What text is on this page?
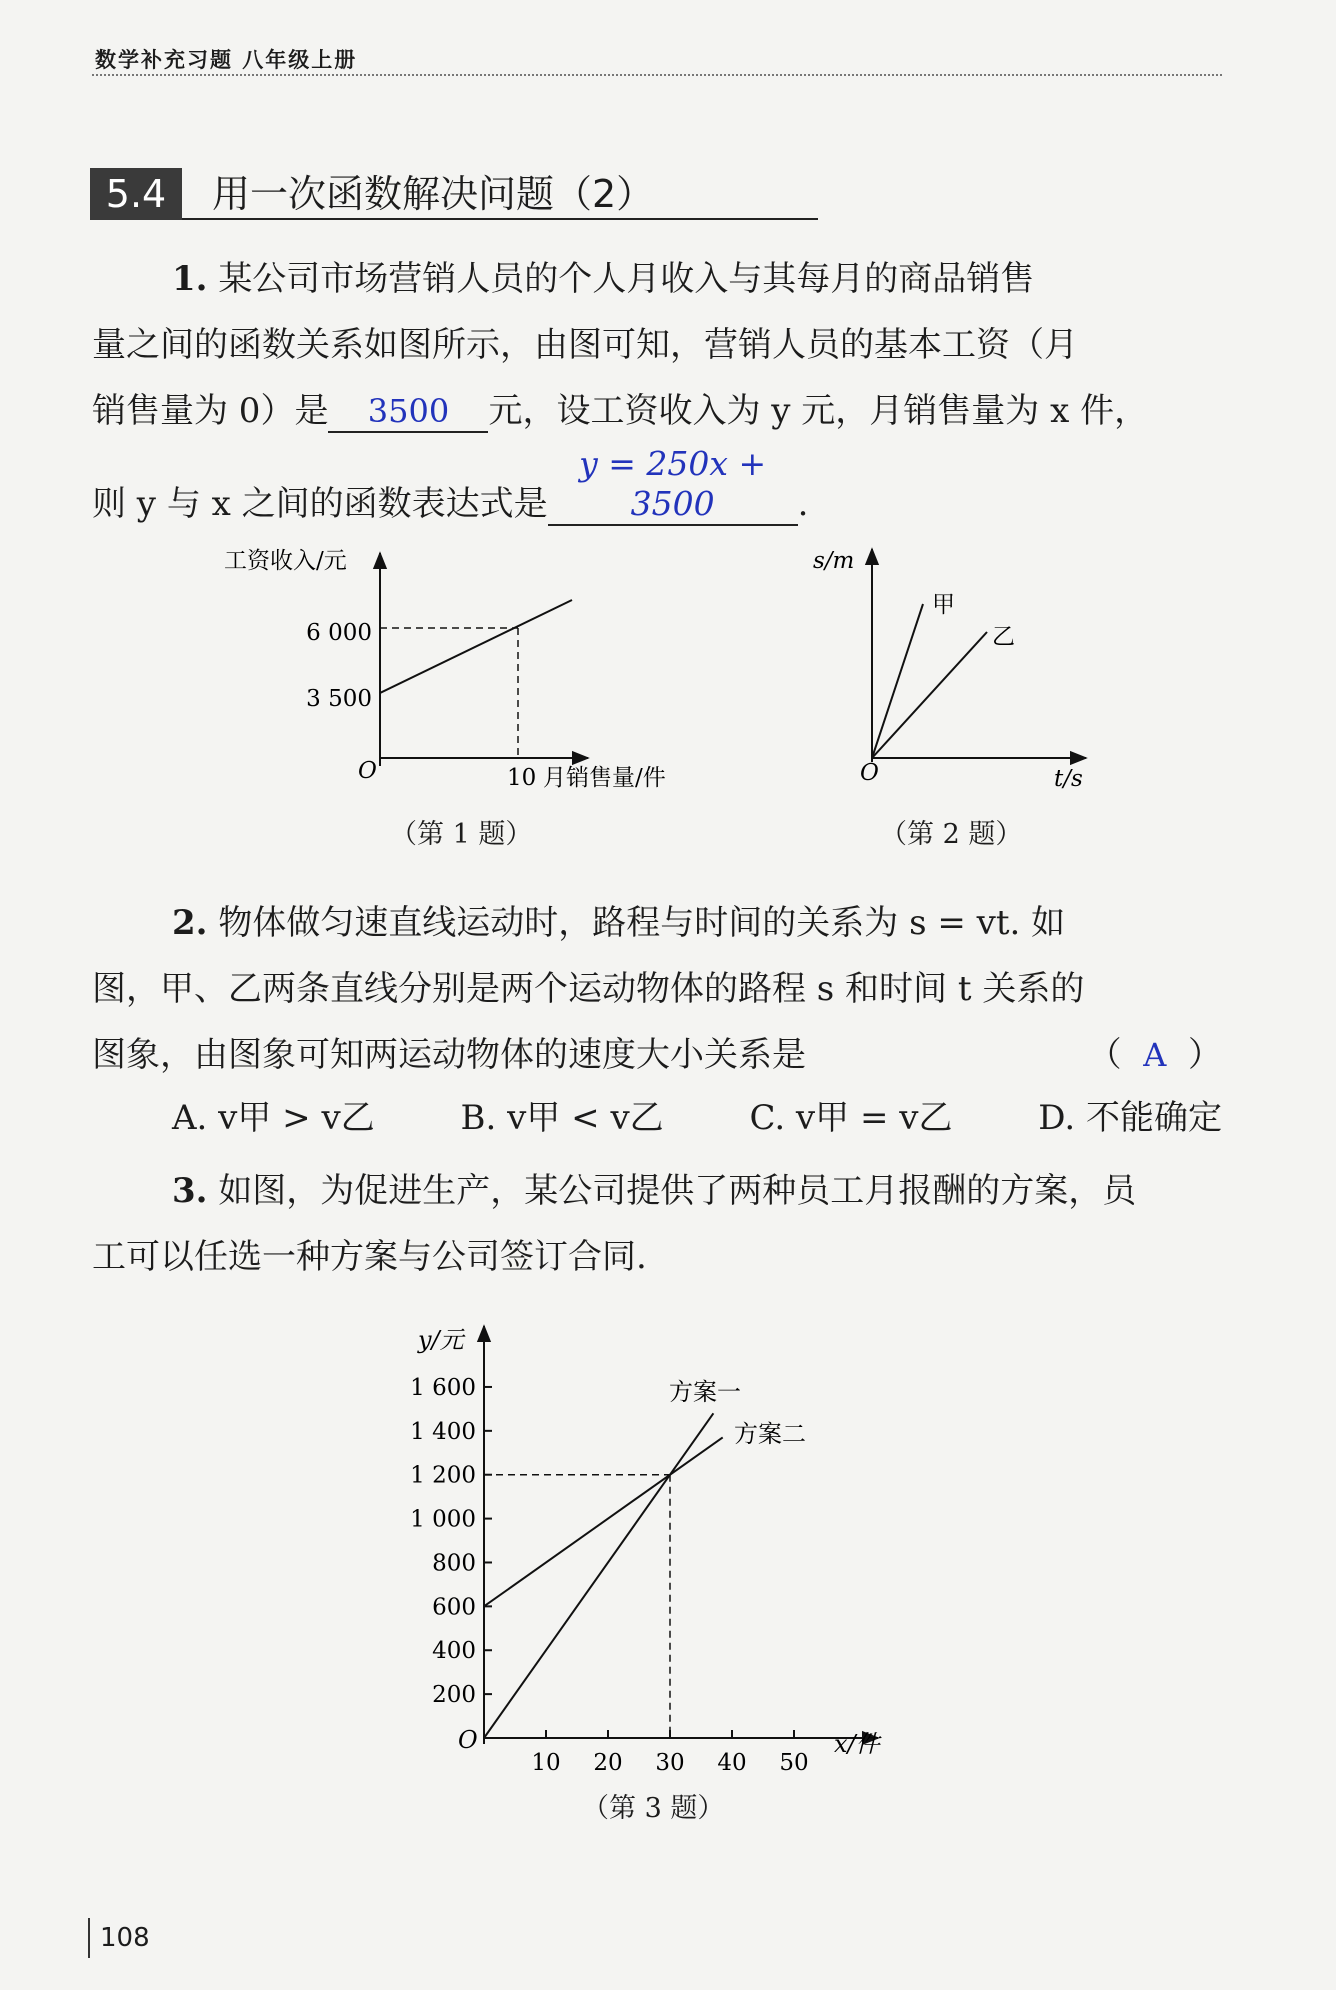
数学补充习题 八年级上册
5.4	用一次函数解决问题（2）
1. 某公司市场营销人员的个人月收入与其每月的商品销售
量之间的函数关系如图所示，由图可知，营销人员的基本工资（月
销售量为 0）是 3500 元，设工资收入为 y 元，月销售量为 x 件，
则 y 与 x 之间的函数表达式是y = 250x + 3500 .
2. 物体做匀速直线运动时，路程与时间的关系为 s = vt. 如
图，甲、乙两条直线分别是两个运动物体的路程 s 和时间 t 关系的
图象，由图象可知两运动物体的速度大小关系是	（ A ）
A. v甲 > v乙	B. v甲 < v乙	C. v甲 = v乙	D. 不能确定
3. 如图，为促进生产，某公司提供了两种员工月报酬的方案，员
工可以任选一种方案与公司签订合同.
工资收入/元
6 000
3 500
O	10 月销售量/件
s/m
甲
乙
O	t/s
1 600
1 400
1 200
1 000
800
600
400
200
10 20 30 40 50
y/元
O	x/件
方案一
方案二
（第 1 题）	（第 2 题）
（第 3 题）
108
